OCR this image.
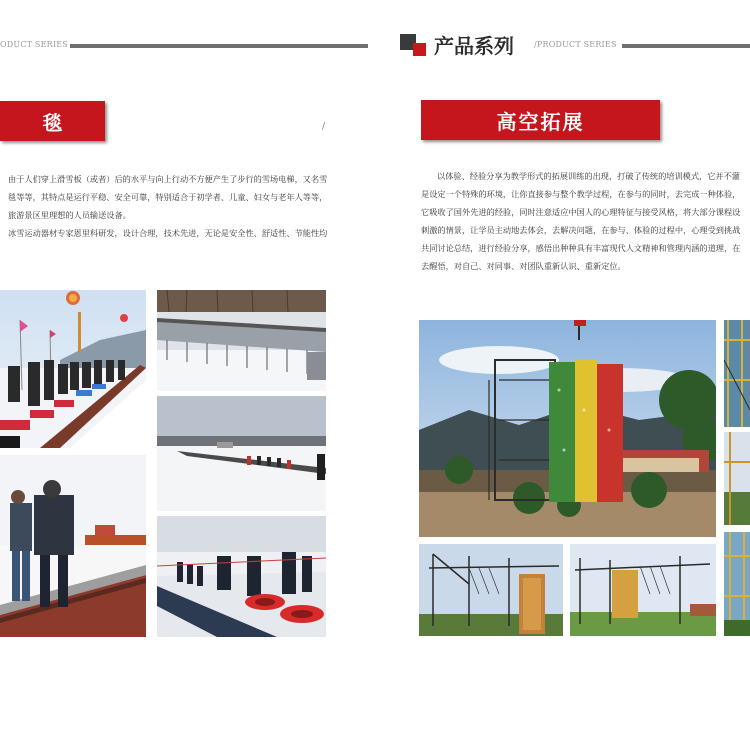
ODUCT SERIES	产品系列	/PRODUCT SERIES
毯	/
由于人们穿上滑雪板（或者）后的水平与向上行动不方便产生了步行的雪场电梯，又名雪
毯等等，其特点是运行平稳、安全可靠，特别适合于初学者、儿童、妇女与老年人等等，
旅游景区里理想的人员输送设备。
冰雪运动器材专家恩里科研发，设计合理，技术先进，无论是安全性、舒适性、节能性均
高空拓展
以体验、经验分享为教学形式的拓展训练的出现，打破了传统的培训模式，它并不灌
是设定一个特殊的环境，让你直接参与整个教学过程，在参与的同时，去完成一种体验，
它吸收了国外先进的经验，同时注意适应中国人的心理特征与接受风格，将大部分课程设
刺激的情景，让学员主动地去体会，去解决问题，在参与、体验的过程中，心理受到挑战
共同讨论总结，进行经验分享，感悟出种种具有丰富现代人文精神和管理内涵的道理，在
去醒悟，对自己、对同事、对团队重新认识、重新定位。
